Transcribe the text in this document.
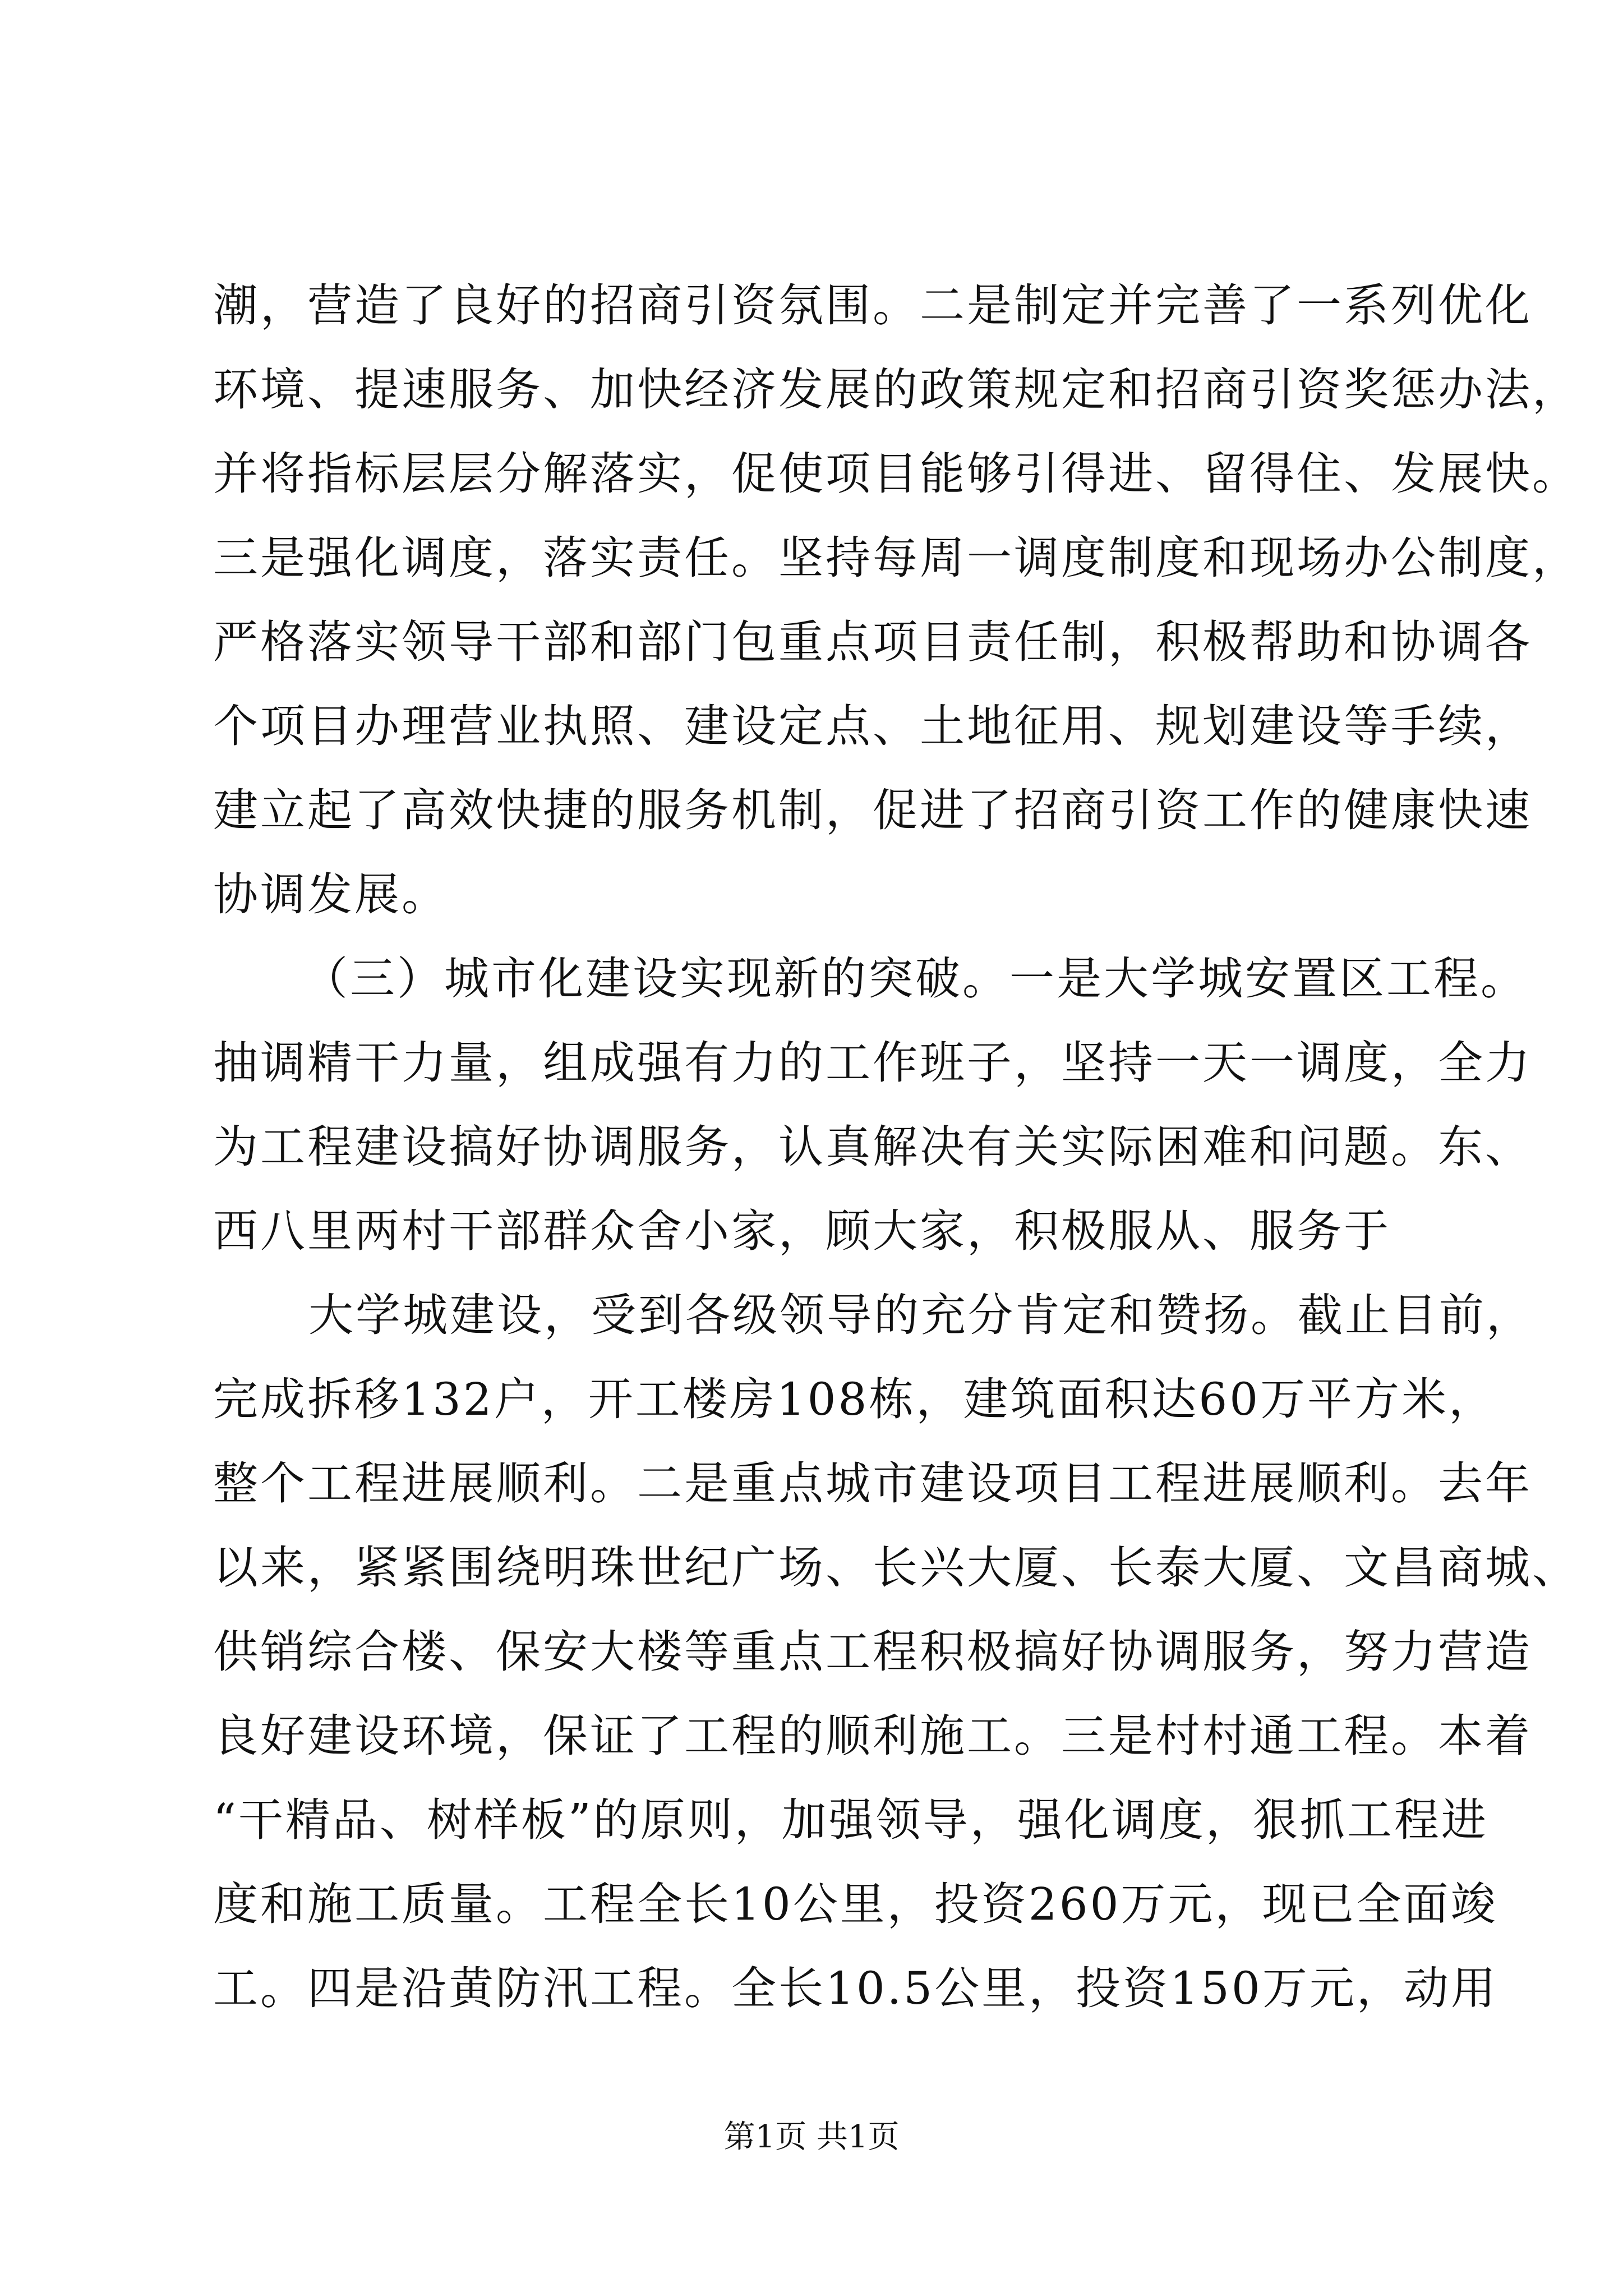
潮，营造了良好的招商引资氛围。二是制定并完善了一系列优化
环境、提速服务、加快经济发展的政策规定和招商引资奖惩办法，
并将指标层层分解落实，促使项目能够引得进、留得住、发展快。
三是强化调度，落实责任。坚持每周一调度制度和现场办公制度，
严格落实领导干部和部门包重点项目责任制，积极帮助和协调各
个项目办理营业执照、建设定点、土地征用、规划建设等手续，
建立起了高效快捷的服务机制，促进了招商引资工作的健康快速
协调发展。
（三）城市化建设实现新的突破。一是大学城安置区工程。
抽调精干力量，组成强有力的工作班子，坚持一天一调度，全力
为工程建设搞好协调服务，认真解决有关实际困难和问题。东、
西八里两村干部群众舍小家，顾大家，积极服从、服务于
大学城建设，受到各级领导的充分肯定和赞扬。截止目前，
完成拆移132户，开工楼房108栋，建筑面积达60万平方米，
整个工程进展顺利。二是重点城市建设项目工程进展顺利。去年
以来，紧紧围绕明珠世纪广场、长兴大厦、长泰大厦、文昌商城、
供销综合楼、保安大楼等重点工程积极搞好协调服务，努力营造
良好建设环境，保证了工程的顺利施工。三是村村通工程。本着
“干精品、树样板”的原则，加强领导，强化调度，狠抓工程进
度和施工质量。工程全长10公里，投资260万元，现已全面竣
工。四是沿黄防汛工程。全长10.5公里，投资150万元，动用
第1页 共1页
